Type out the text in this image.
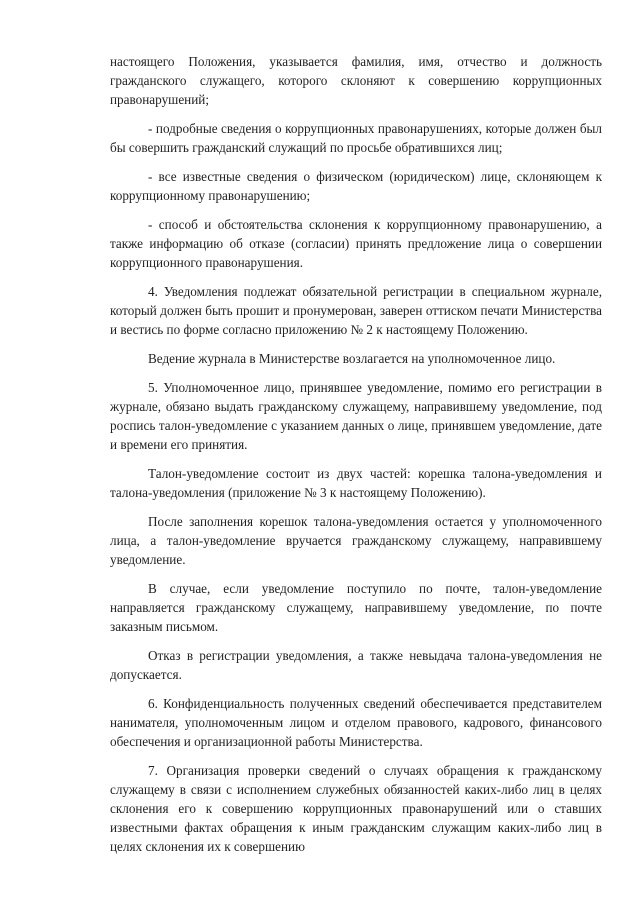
настоящего Положения, указывается фамилия, имя, отчество и должность гражданского служащего, которого склоняют к совершению коррупционных правонарушений;

- подробные сведения о коррупционных правонарушениях, которые должен был бы совершить гражданский служащий по просьбе обратившихся лиц;

- все известные сведения о физическом (юридическом) лице, склоняющем к коррупционному правонарушению;

- способ и обстоятельства склонения к коррупционному правонарушению, а также информацию об отказе (согласии) принять предложение лица о совершении коррупционного правонарушения.

4. Уведомления подлежат обязательной регистрации в специальном журнале, который должен быть прошит и пронумерован, заверен оттиском печати Министерства и вестись по форме согласно приложению № 2 к настоящему Положению.

Ведение журнала в Министерстве возлагается на уполномоченное лицо.

5. Уполномоченное лицо, принявшее уведомление, помимо его регистрации в журнале, обязано выдать гражданскому служащему, направившему уведомление, под роспись талон-уведомление с указанием данных о лице, принявшем уведомление, дате и времени его принятия.

Талон-уведомление состоит из двух частей: корешка талона-уведомления и талона-уведомления (приложение № 3 к настоящему Положению).

После заполнения корешок талона-уведомления остается у уполномоченного лица, а талон-уведомление вручается гражданскому служащему, направившему уведомление.

В случае, если уведомление поступило по почте, талон-уведомление направляется гражданскому служащему, направившему уведомление, по почте заказным письмом.

Отказ в регистрации уведомления, а также невыдача талона-уведомления не допускается.

6. Конфиденциальность полученных сведений обеспечивается представителем нанимателя, уполномоченным лицом и отделом правового, кадрового, финансового обеспечения и организационной работы Министерства.

7. Организация проверки сведений о случаях обращения к гражданскому служащему в связи с исполнением служебных обязанностей каких-либо лиц в целях склонения его к совершению коррупционных правонарушений или о ставших известными фактах обращения к иным гражданским служащим каких-либо лиц в целях склонения их к совершению
